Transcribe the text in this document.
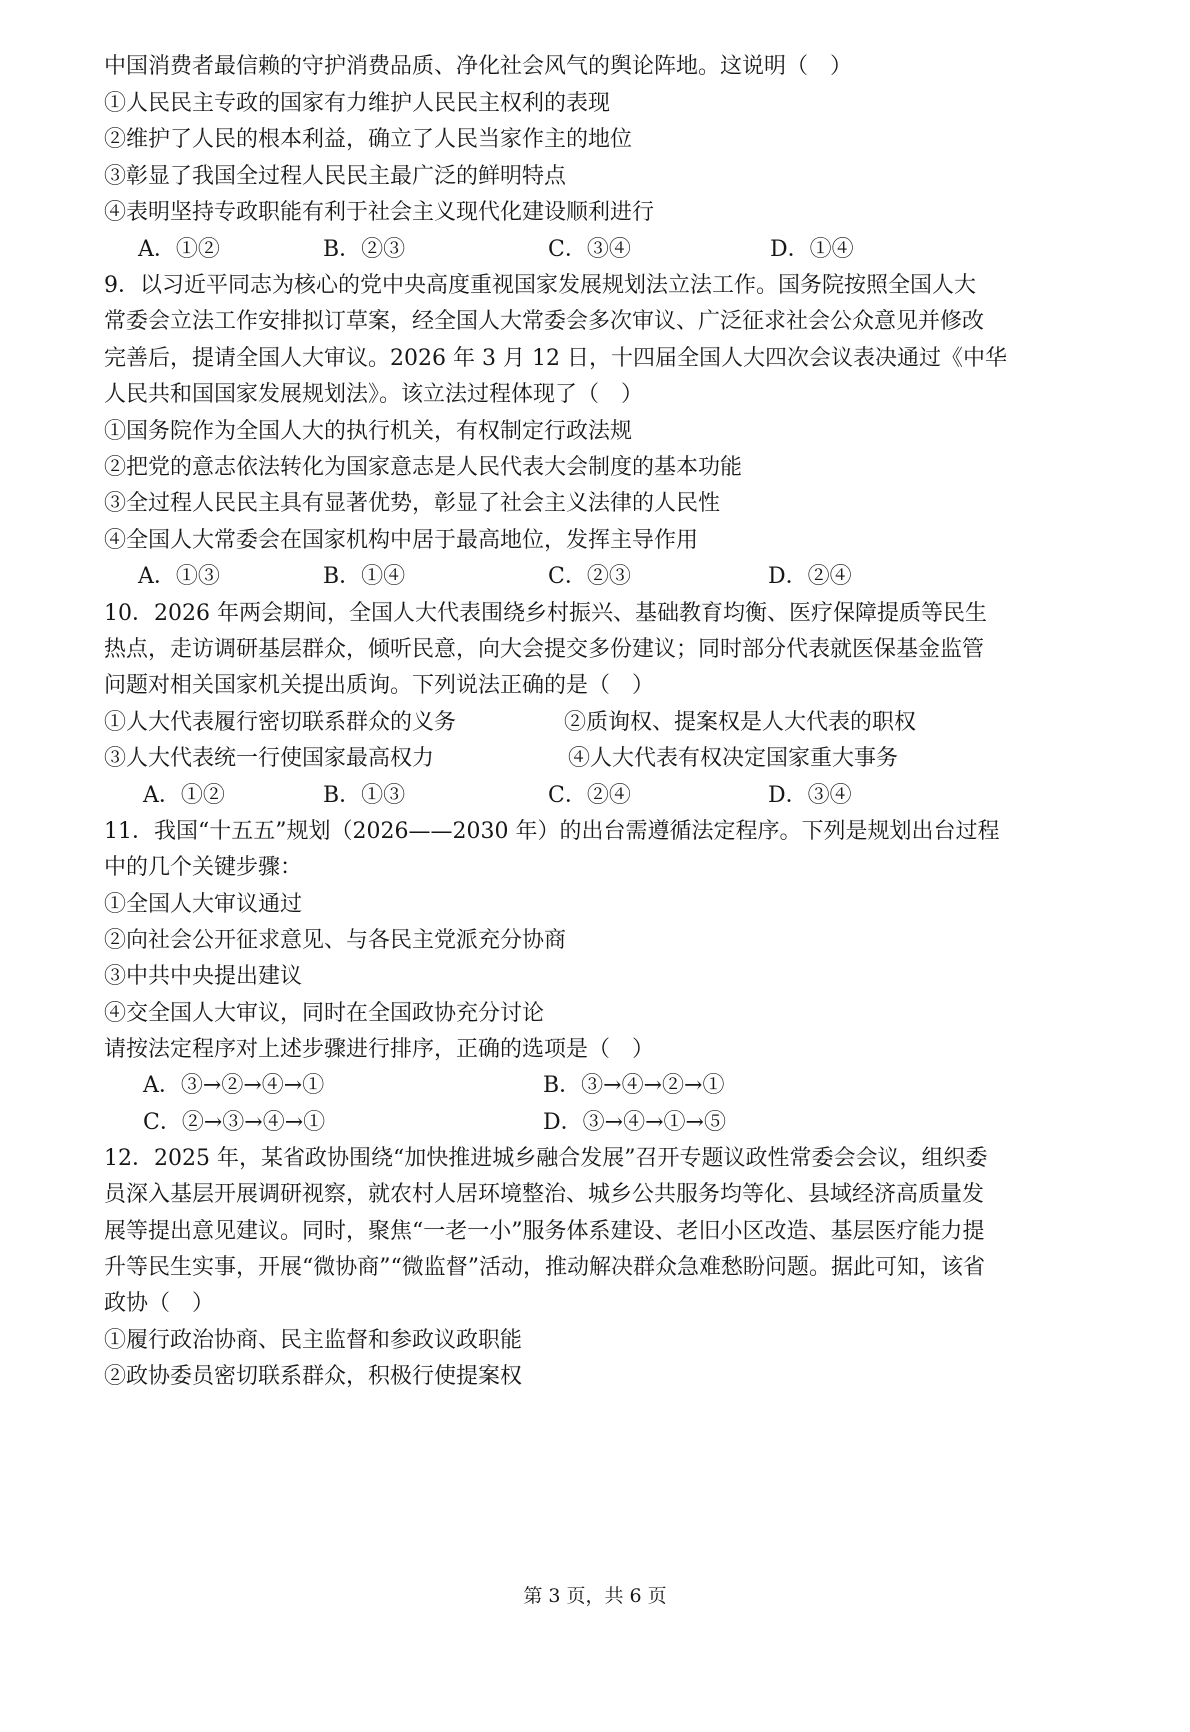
中国消费者最信赖的守护消费品质、净化社会风气的舆论阵地。这说明（　）
①人民民主专政的国家有力维护人民民主权利的表现
②维护了人民的根本利益，确立了人民当家作主的地位
③彰显了我国全过程人民民主最广泛的鲜明特点
④表明坚持专政职能有利于社会主义现代化建设顺利进行
A．①②	B．②③	C．③④	D．①④
9．以习近平同志为核心的党中央高度重视国家发展规划法立法工作。国务院按照全国人大
常委会立法工作安排拟订草案，经全国人大常委会多次审议、广泛征求社会公众意见并修改
完善后，提请全国人大审议。2026 年 3 月 12 日，十四届全国人大四次会议表决通过《中华
人民共和国国家发展规划法》。该立法过程体现了（　）
①国务院作为全国人大的执行机关，有权制定行政法规
②把党的意志依法转化为国家意志是人民代表大会制度的基本功能
③全过程人民民主具有显著优势，彰显了社会主义法律的人民性
④全国人大常委会在国家机构中居于最高地位，发挥主导作用
A．①③	B．①④	C．②③	D．②④
10．2026 年两会期间，全国人大代表围绕乡村振兴、基础教育均衡、医疗保障提质等民生
热点，走访调研基层群众，倾听民意，向大会提交多份建议；同时部分代表就医保基金监管
问题对相关国家机关提出质询。下列说法正确的是（　）
①人大代表履行密切联系群众的义务	②质询权、提案权是人大代表的职权
③人大代表统一行使国家最高权力	④人大代表有权决定国家重大事务
A．①②	B．①③	C．②④	D．③④
11．我国“十五五”规划（2026——2030 年）的出台需遵循法定程序。下列是规划出台过程
中的几个关键步骤：
①全国人大审议通过
②向社会公开征求意见、与各民主党派充分协商
③中共中央提出建议
④交全国人大审议，同时在全国政协充分讨论
请按法定程序对上述步骤进行排序，正确的选项是（　）
A．③→②→④→①	B．③→④→②→①
C．②→③→④→①	D．③→④→①→⑤
12．2025 年，某省政协围绕“加快推进城乡融合发展”召开专题议政性常委会会议，组织委
员深入基层开展调研视察，就农村人居环境整治、城乡公共服务均等化、县域经济高质量发
展等提出意见建议。同时，聚焦“一老一小”服务体系建设、老旧小区改造、基层医疗能力提
升等民生实事，开展“微协商”“微监督”活动，推动解决群众急难愁盼问题。据此可知，该省
政协（　）
①履行政治协商、民主监督和参政议政职能
②政协委员密切联系群众，积极行使提案权
第 3 页，共 6 页
